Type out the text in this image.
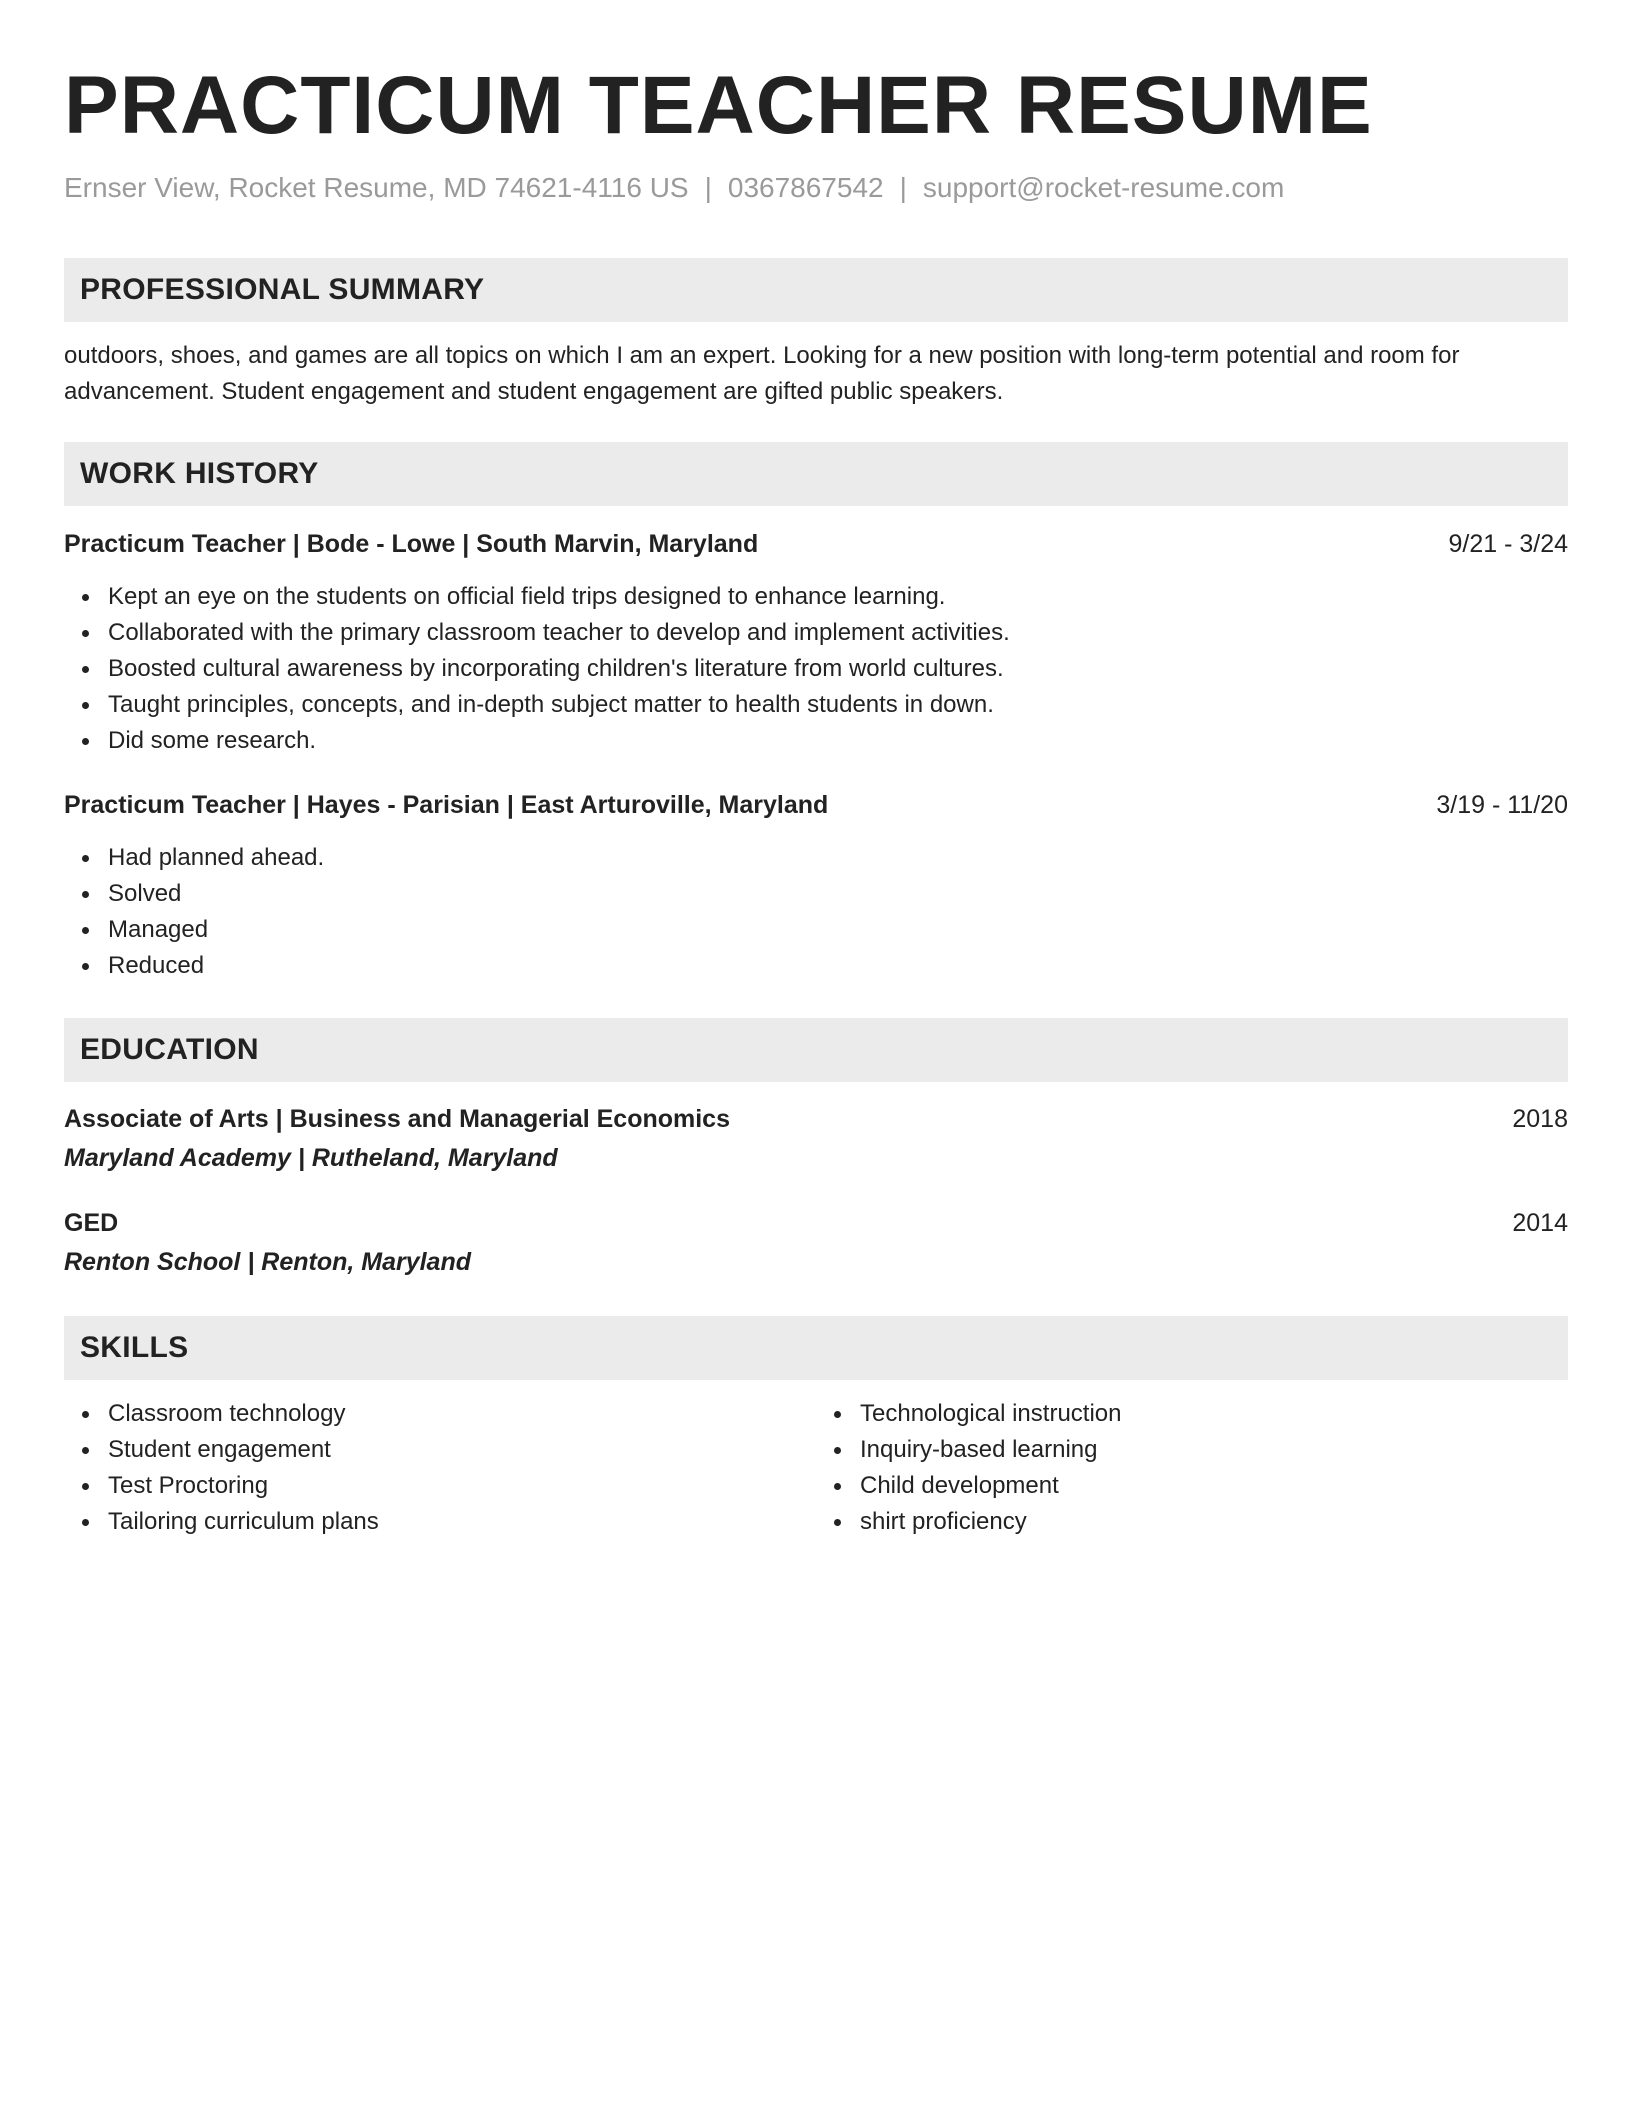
PRACTICUM TEACHER RESUME
Ernser View, Rocket Resume, MD 74621-4116 US | 0367867542 | support@rocket-resume.com
PROFESSIONAL SUMMARY
outdoors, shoes, and games are all topics on which I am an expert. Looking for a new position with long-term potential and room for advancement. Student engagement and student engagement are gifted public speakers.
WORK HISTORY
Practicum Teacher | Bode - Lowe | South Marvin, Maryland	9/21 - 3/24
Kept an eye on the students on official field trips designed to enhance learning.
Collaborated with the primary classroom teacher to develop and implement activities.
Boosted cultural awareness by incorporating children's literature from world cultures.
Taught principles, concepts, and in-depth subject matter to health students in down.
Did some research.
Practicum Teacher | Hayes - Parisian | East Arturoville, Maryland	3/19 - 11/20
Had planned ahead.
Solved
Managed
Reduced
EDUCATION
Associate of Arts | Business and Managerial Economics	2018
Maryland Academy | Rutheland, Maryland
GED	2014
Renton School | Renton, Maryland
SKILLS
Classroom technology
Student engagement
Test Proctoring
Tailoring curriculum plans
Technological instruction
Inquiry-based learning
Child development
shirt proficiency
